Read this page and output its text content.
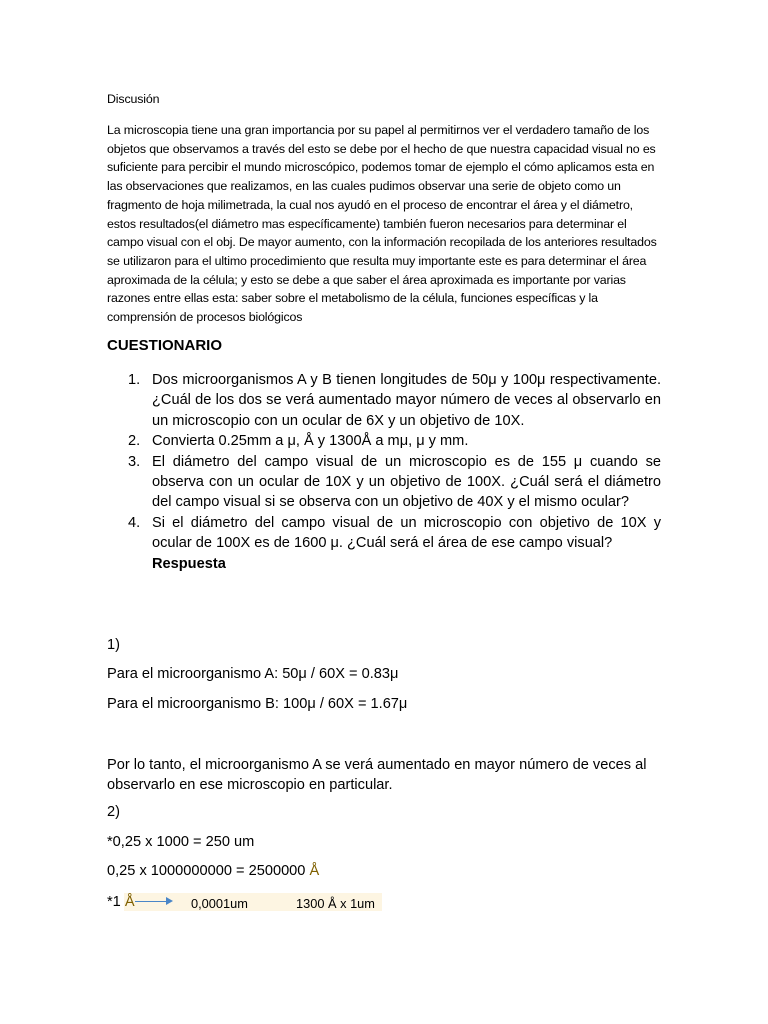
Discusión

La microscopia tiene una gran importancia por su papel al permitirnos ver el verdadero tamaño de los objetos que observamos a través del esto se debe por el hecho de que nuestra capacidad visual no es suficiente para percibir el mundo microscópico, podemos tomar de ejemplo el cómo aplicamos esta en las observaciones que realizamos, en las cuales pudimos observar una serie de objeto como un fragmento de hoja milimetrada, la cual nos ayudó en el proceso de encontrar el área y el diámetro, estos resultados(el diámetro mas específicamente) también fueron necesarios para determinar el campo visual con el obj. De mayor aumento, con la información recopilada de los anteriores resultados se utilizaron para el ultimo procedimiento que resulta muy importante este es para determinar el área aproximada de la célula; y esto se debe a que saber el área aproximada es importante por varias razones entre ellas esta: saber sobre el metabolismo de la célula, funciones específicas y la comprensión de procesos biológicos

CUESTIONARIO
1. Dos microorganismos A y B tienen longitudes de 50μ y 100μ respectivamente. ¿Cuál de los dos se verá aumentado mayor número de veces al observarlo en un microscopio con un ocular de 6X y un objetivo de 10X.
2. Convierta 0.25mm a μ, Å y 1300Å a mμ, μ y mm.
3. El diámetro del campo visual de un microscopio es de 155 μ cuando se observa con un ocular de 10X y un objetivo de 100X. ¿Cuál será el diámetro del campo visual si se observa con un objetivo de 40X y el mismo ocular?
4. Si el diámetro del campo visual de un microscopio con objetivo de 10X y ocular de 100X es de 1600 μ. ¿Cuál será el área de ese campo visual?
Respuesta
1)
Para el microorganismo A: 50μ / 60X = 0.83μ
Para el microorganismo B: 100μ / 60X = 1.67μ
Por lo tanto, el microorganismo A se verá aumentado en mayor número de veces al observarlo en ese microscopio en particular.
2)
*0,25 x 1000 = 250 um
0,25 x 1000000000 = 2500000 Å
*1 Å	0,0001um	1300 Å x 1um
